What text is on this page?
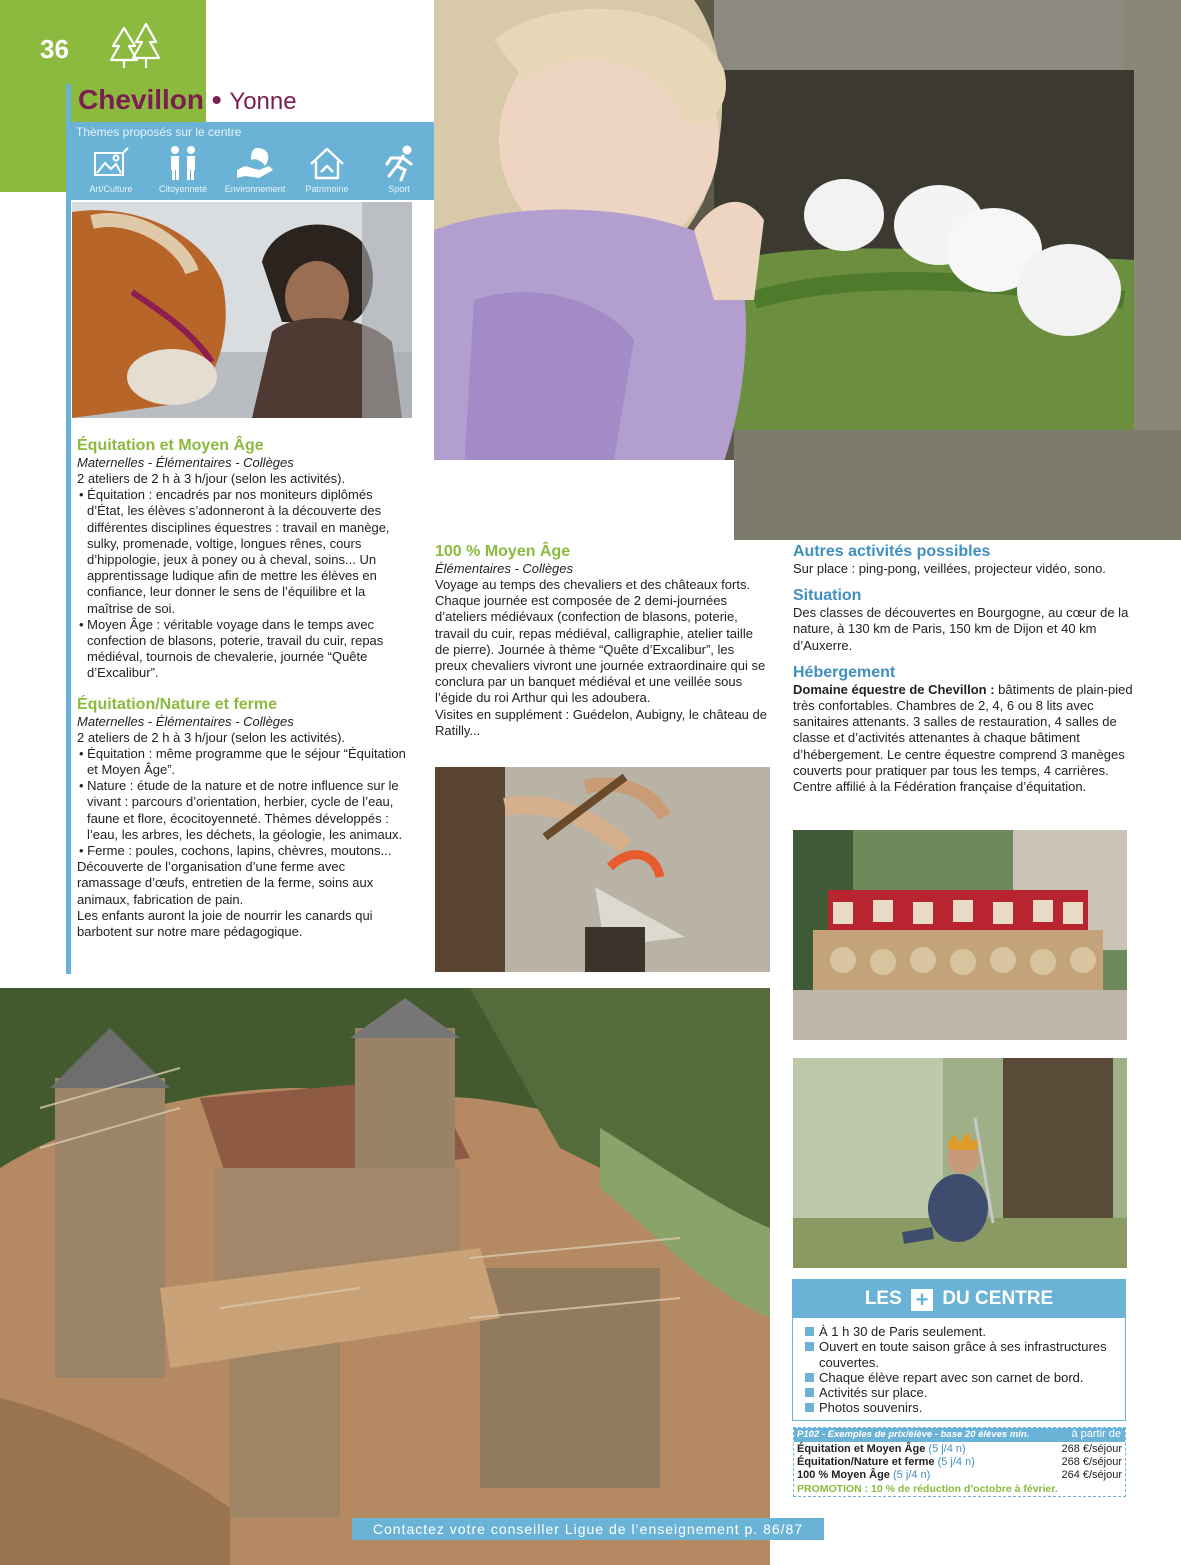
36
Chevillon • Yonne
Thèmes proposés sur le centre
Art/Culture	Citoyenneté	Environnement	Patrimoine	Sport
Équitation et Moyen Âge
Maternelles - Élémentaires - Collèges
2 ateliers de 2 h à 3 h/jour (selon les activités).
• Équitation : encadrés par nos moniteurs diplômés d’État, les élèves s’adonneront à la découverte des différentes disciplines équestres : travail en manège, sulky, promenade, voltige, longues rênes, cours d’hippologie, jeux à poney ou à cheval, soins... Un apprentissage ludique afin de mettre les élèves en confiance, leur donner le sens de l’équilibre et la maîtrise de soi.
• Moyen Âge : véritable voyage dans le temps avec confection de blasons, poterie, travail du cuir, repas médiéval, tournois de chevalerie, journée “Quête d’Excalibur”.
Équitation/Nature et ferme
Maternelles - Élémentaires - Collèges
2 ateliers de 2 h à 3 h/jour (selon les activités).
• Équitation : même programme que le séjour “Équitation et Moyen Âge”.
• Nature : étude de la nature et de notre influence sur le vivant : parcours d’orientation, herbier, cycle de l’eau, faune et flore, écocitoyenneté. Thèmes développés : l’eau, les arbres, les déchets, la géologie, les animaux.
• Ferme : poules, cochons, lapins, chèvres, moutons...
Découverte de l’organisation d’une ferme avec ramassage d’œufs, entretien de la ferme, soins aux animaux, fabrication de pain.
Les enfants auront la joie de nourrir les canards qui barbotent sur notre mare pédagogique.
100 % Moyen Âge
Élémentaires - Collèges
Voyage au temps des chevaliers et des châteaux forts. Chaque journée est composée de 2 demi-journées d’ateliers médiévaux (confection de blasons, poterie, travail du cuir, repas médiéval, calligraphie, atelier taille de pierre). Journée à thème “Quête d’Excalibur”, les preux chevaliers vivront une journée extraordinaire qui se conclura par un banquet médiéval et une veillée sous l’égide du roi Arthur qui les adoubera.
Visites en supplément : Guédelon, Aubigny, le château de Ratilly...
Autres activités possibles
Sur place : ping-pong, veillées, projecteur vidéo, sono.
Situation
Des classes de découvertes en Bourgogne, au cœur de la nature, à 130 km de Paris, 150 km de Dijon et 40 km d’Auxerre.
Hébergement
Domaine équestre de Chevillon : bâtiments de plain-pied très confortables. Chambres de 2, 4, 6 ou 8 lits avec sanitaires attenants. 3 salles de restauration, 4 salles de classe et d’activités attenantes à chaque bâtiment d’hébergement. Le centre équestre comprend 3 manèges couverts pour pratiquer par tous les temps, 4 carrières. Centre affilié à la Fédération française d’équitation.
LES + DU CENTRE
À 1 h 30 de Paris seulement.
Ouvert en toute saison grâce à ses infrastructures couvertes.
Chaque élève repart avec son carnet de bord.
Activités sur place.
Photos souvenirs.
P102 - Exemples de prix/élève - base 20 élèves min.	à partir de
Équitation et Moyen Âge (5 j/4 n)	268 €/séjour
Équitation/Nature et ferme (5 j/4 n)	268 €/séjour
100 % Moyen Âge (5 j/4 n)	264 €/séjour
PROMOTION : 10 % de réduction d’octobre à février.
Contactez votre conseiller Ligue de l’enseignement p. 86/87
